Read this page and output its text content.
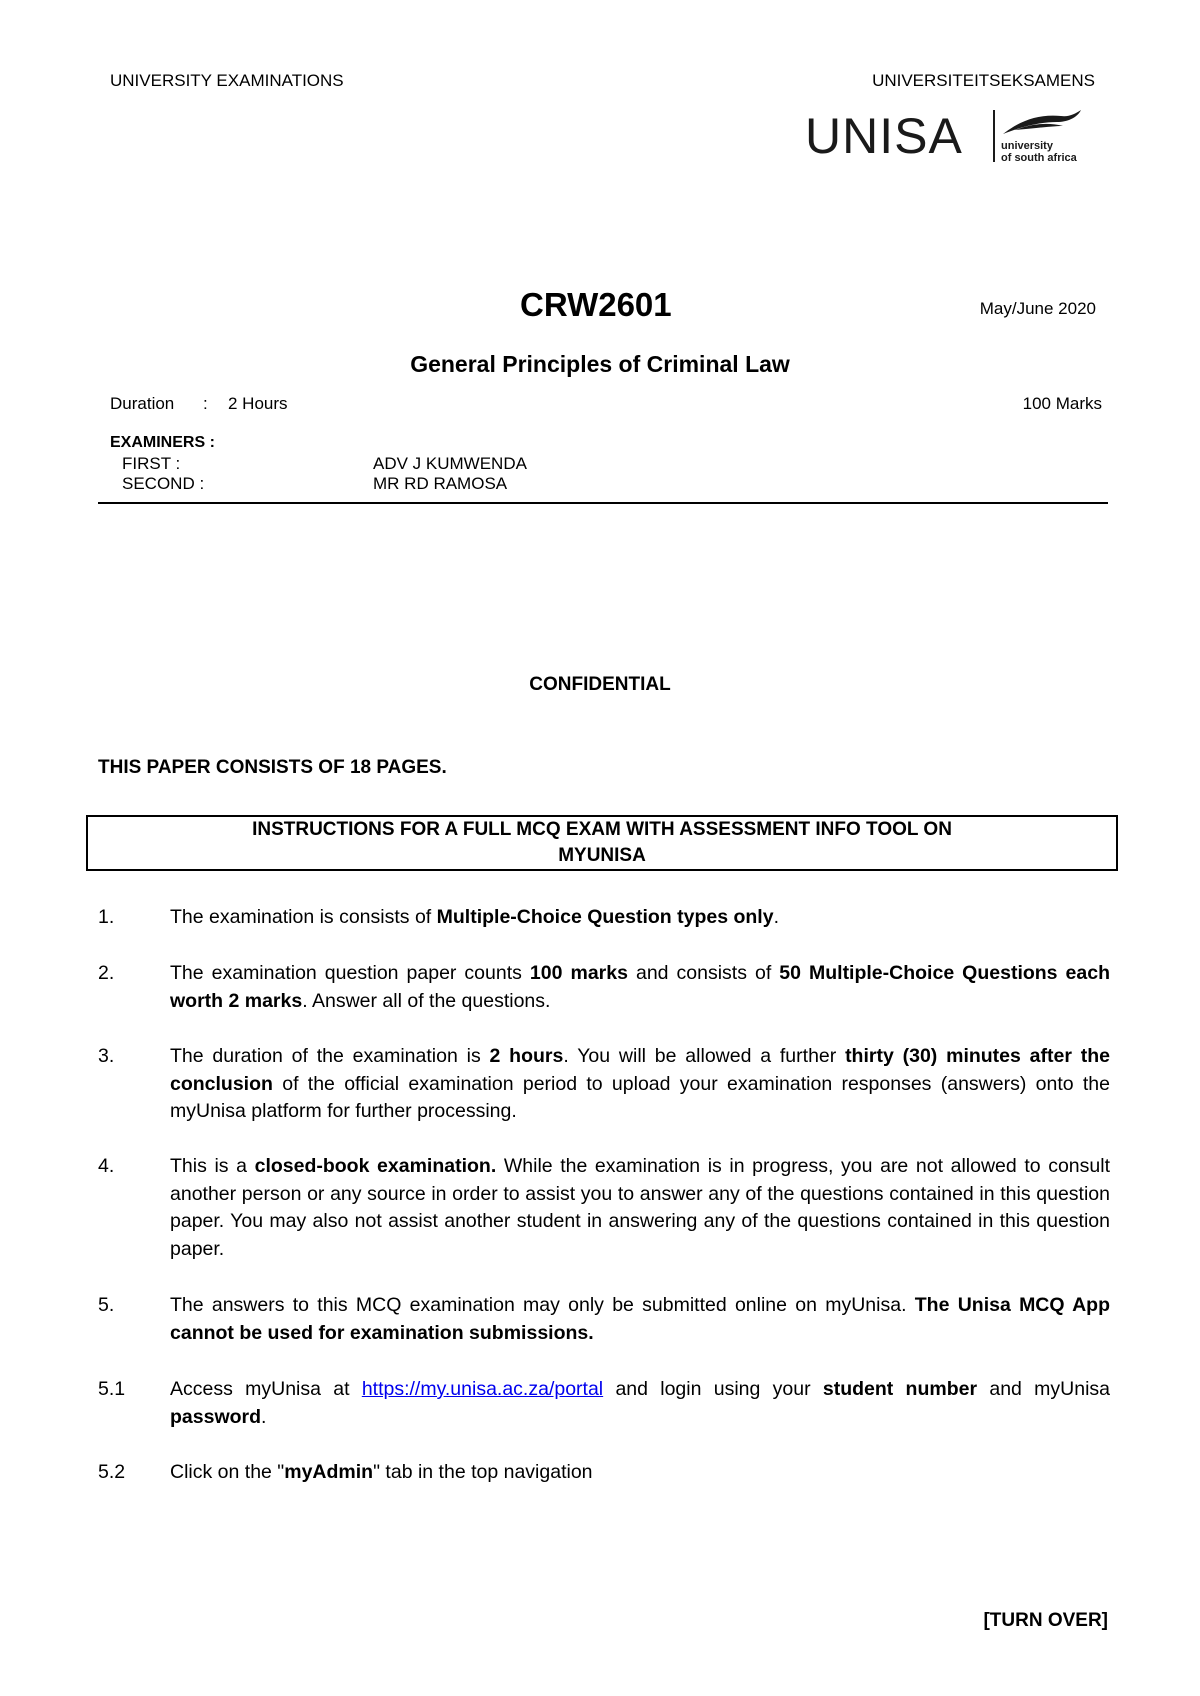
UNIVERSITY EXAMINATIONS	UNIVERSITEITSEKSAMENS
UNISA	university
of south africa
CRW2601	May/June 2020
General Principles of Criminal Law
Duration : 2 Hours	100 Marks
EXAMINERS :
FIRST :	ADV J KUMWENDA
SECOND :	MR RD RAMOSA
CONFIDENTIAL
THIS PAPER CONSISTS OF 18 PAGES.
INSTRUCTIONS FOR A FULL MCQ EXAM WITH ASSESSMENT INFO TOOL ON MYUNISA
1.	The examination is consists of Multiple-Choice Question types only.
2.	The examination question paper counts 100 marks and consists of 50 Multiple-Choice Questions each worth 2 marks. Answer all of the questions.
3.	The duration of the examination is 2 hours. You will be allowed a further thirty (30) minutes after the conclusion of the official examination period to upload your examination responses (answers) onto the myUnisa platform for further processing.
4.	This is a closed-book examination. While the examination is in progress, you are not allowed to consult another person or any source in order to assist you to answer any of the questions contained in this question paper. You may also not assist another student in answering any of the questions contained in this question paper.
5.	The answers to this MCQ examination may only be submitted online on myUnisa. The Unisa MCQ App cannot be used for examination submissions.
5.1	Access myUnisa at https://my.unisa.ac.za/portal and login using your student number and myUnisa password.
5.2	Click on the "myAdmin" tab in the top navigation
[TURN OVER]
